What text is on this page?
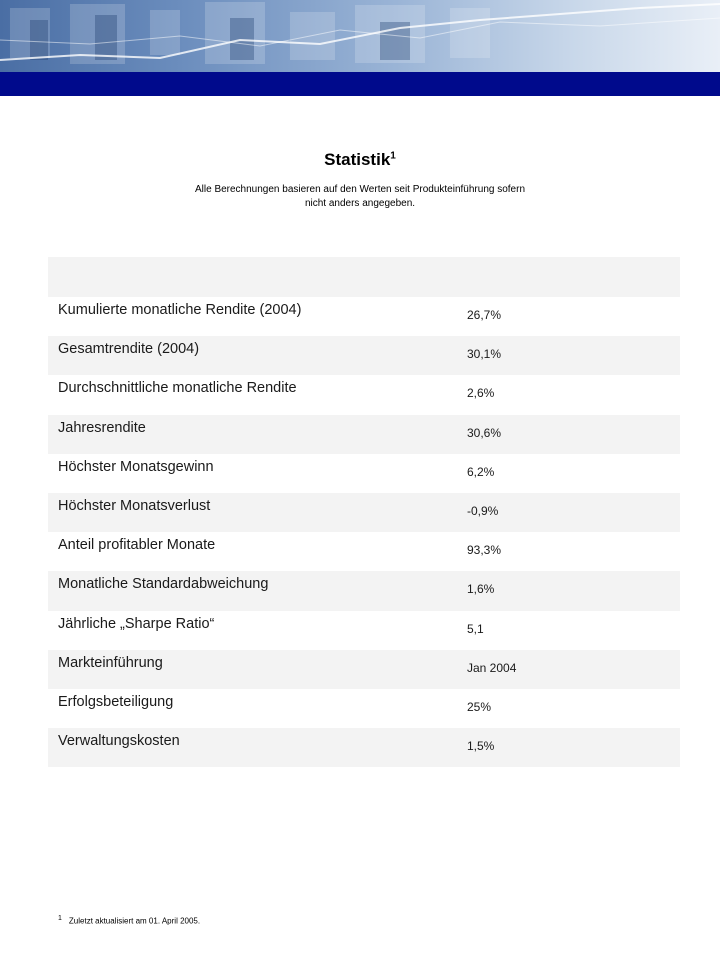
Statistik$^1$
Alle Berechnungen basieren auf den Werten seit Produkteinführung sofern
nicht anders angegeben.
Kumulierte monatliche Rendite (2004)	26,7%
Gesamtrendite (2004)	30,1%
Durchschnittliche monatliche Rendite	2,6%
Jahresrendite	30,6%
Höchster Monatsgewinn	6,2%
Höchster Monatsverlust	-0,9%
Anteil profitabler Monate	93,3%
Monatliche Standardabweichung	1,6%
Jährliche „Sharpe Ratio“	5,1
Markteinführung	Jan 2004
Erfolgsbeteiligung	25%
Verwaltungskosten	1,5%
1 Zuletzt aktualisiert am 01. April 2005.
